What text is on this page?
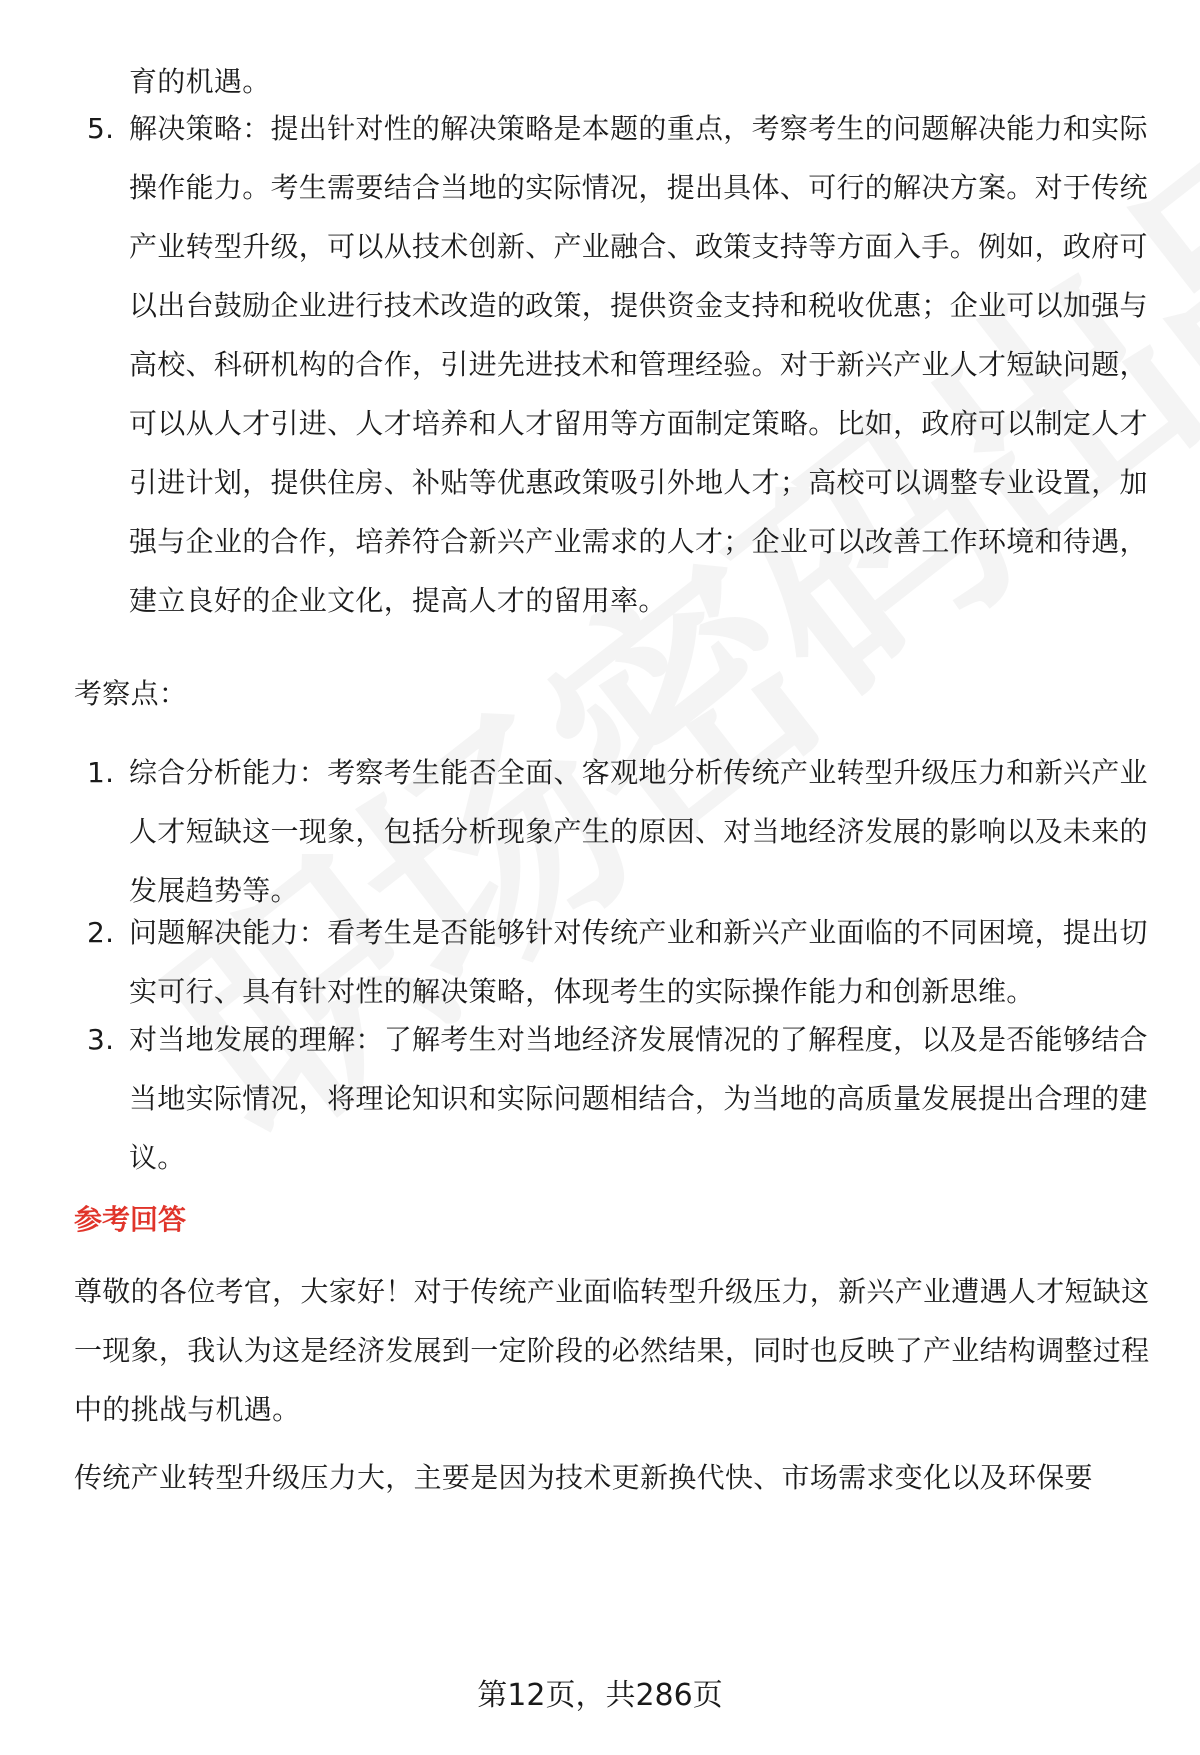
育的机遇。
5. 解决策略：提出针对性的解决策略是本题的重点，考察考生的问题解决能力和实际操作能力。考生需要结合当地的实际情况，提出具体、可行的解决方案。对于传统产业转型升级，可以从技术创新、产业融合、政策支持等方面入手。例如，政府可以出台鼓励企业进行技术改造的政策，提供资金支持和税收优惠；企业可以加强与高校、科研机构的合作，引进先进技术和管理经验。对于新兴产业人才短缺问题，可以从人才引进、人才培养和人才留用等方面制定策略。比如，政府可以制定人才引进计划，提供住房、补贴等优惠政策吸引外地人才；高校可以调整专业设置，加强与企业的合作，培养符合新兴产业需求的人才；企业可以改善工作环境和待遇，建立良好的企业文化，提高人才的留用率。
考察点：
1. 综合分析能力：考察考生能否全面、客观地分析传统产业转型升级压力和新兴产业人才短缺这一现象，包括分析现象产生的原因、对当地经济发展的影响以及未来的发展趋势等。
2. 问题解决能力：看考生是否能够针对传统产业和新兴产业面临的不同困境，提出切实可行、具有针对性的解决策略，体现考生的实际操作能力和创新思维。
3. 对当地发展的理解：了解考生对当地经济发展情况的了解程度，以及是否能够结合当地实际情况，将理论知识和实际问题相结合，为当地的高质量发展提出合理的建议。
参考回答
尊敬的各位考官，大家好！对于传统产业面临转型升级压力，新兴产业遭遇人才短缺这一现象，我认为这是经济发展到一定阶段的必然结果，同时也反映了产业结构调整过程中的挑战与机遇。
传统产业转型升级压力大，主要是因为技术更新换代快、市场需求变化以及环保要
第12页，共286页
